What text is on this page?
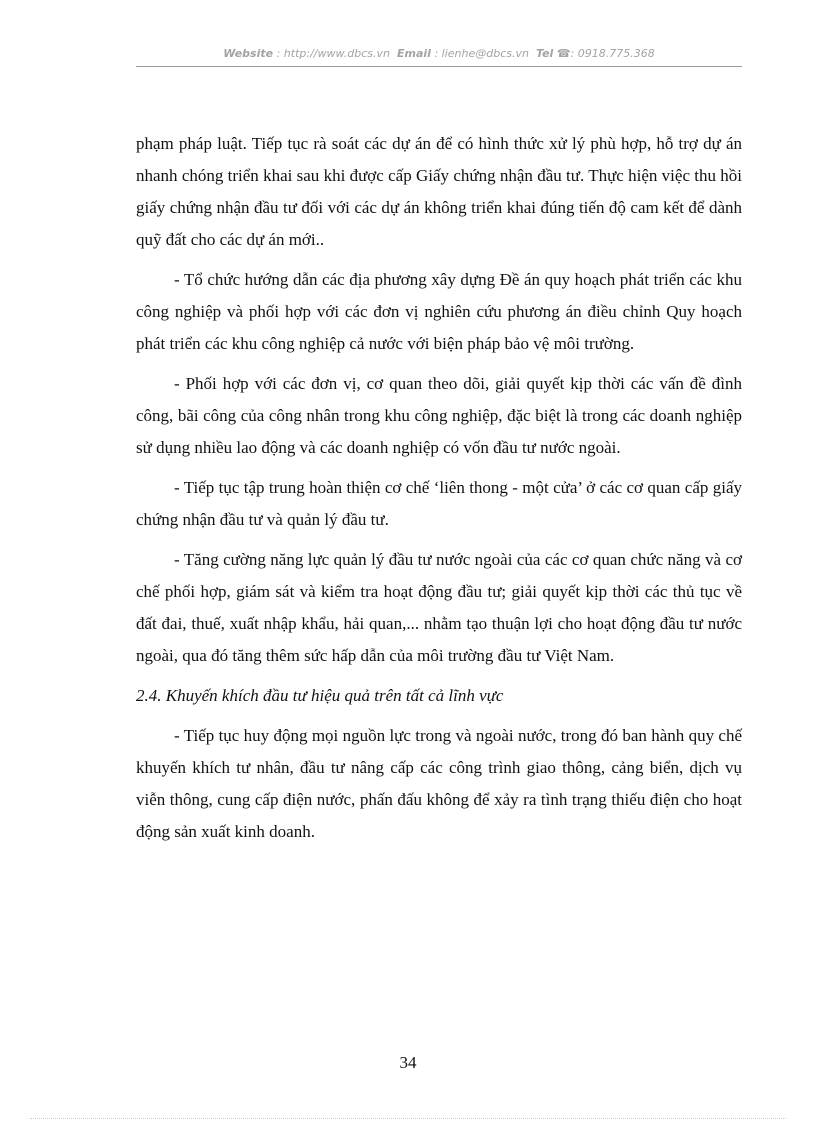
Website : http://www.dbcs.vn Email : lienhe@dbcs.vn Tel ☎: 0918.775.368

phạm pháp luật. Tiếp tục rà soát các dự án để có hình thức xử lý phù hợp, hỗ trợ dự án nhanh chóng triển khai sau khi được cấp Giấy chứng nhận đầu tư. Thực hiện việc thu hồi giấy chứng nhận đầu tư đối với các dự án không triển khai đúng tiến độ cam kết để dành quỹ đất cho các dự án mới..

- Tổ chức hướng dẫn các địa phương xây dựng Đề án quy hoạch phát triển các khu công nghiệp và phối hợp với các đơn vị nghiên cứu phương án điều chỉnh Quy hoạch phát triển các khu công nghiệp cả nước với biện pháp bảo vệ môi trường.

- Phối hợp với các đơn vị, cơ quan theo dõi, giải quyết kịp thời các vấn đề đình công, bãi công của công nhân trong khu công nghiệp, đặc biệt là trong các doanh nghiệp sử dụng nhiều lao động và các doanh nghiệp có vốn đầu tư nước ngoài.

- Tiếp tục tập trung hoàn thiện cơ chế ‘liên thong - một cửa’ ở các cơ quan cấp giấy chứng nhận đầu tư và quản lý đầu tư.

- Tăng cường năng lực quản lý đầu tư nước ngoài của các cơ quan chức năng và cơ chế phối hợp, giám sát và kiểm tra hoạt động đầu tư; giải quyết kịp thời các thủ tục về đất đai, thuế, xuất nhập khẩu, hải quan,... nhằm tạo thuận lợi cho hoạt động đầu tư nước ngoài, qua đó tăng thêm sức hấp dẫn của môi trường đầu tư Việt Nam.

2.4. Khuyến khích đầu tư hiệu quả trên tất cả lĩnh vực

- Tiếp tục huy động mọi nguồn lực trong và ngoài nước, trong đó ban hành quy chế khuyến khích tư nhân, đầu tư nâng cấp các công trình giao thông, cảng biển, dịch vụ viễn thông, cung cấp điện nước, phấn đấu không để xảy ra tình trạng thiếu điện cho hoạt động sản xuất kinh doanh.

34
